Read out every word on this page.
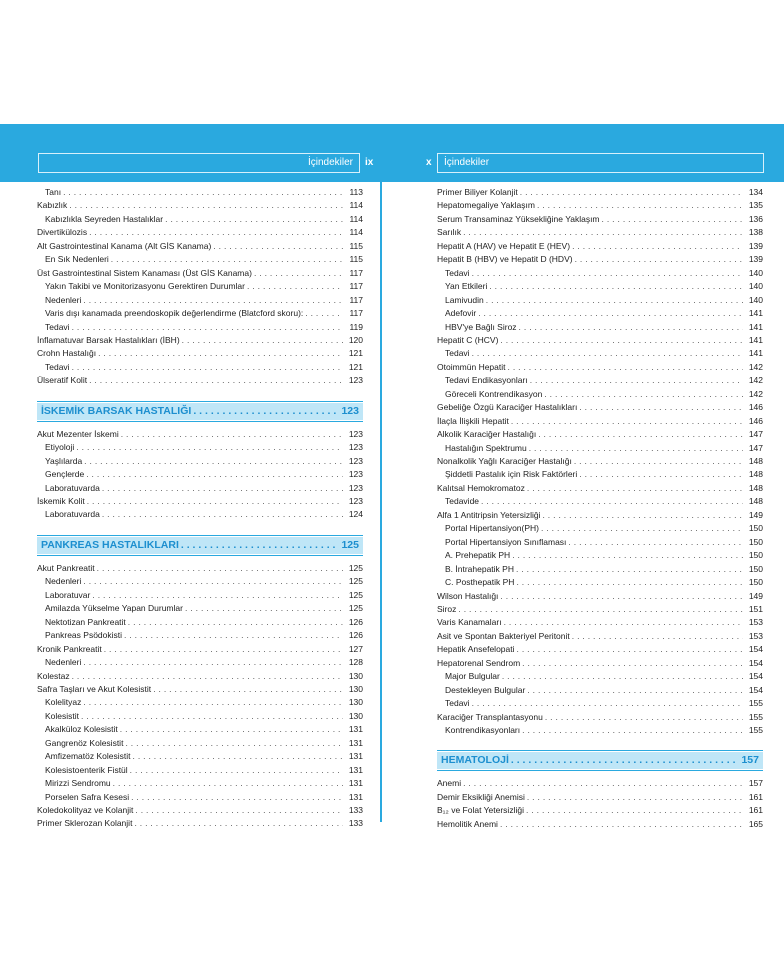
İçindekiler	ix	x	İçindekiler
Tanı . . .	113
Kabızlık . . .	114
Kabızlıkla Seyreden Hastalıklar . . .	114
Divertikülozis . . .	114
Alt Gastrointestinal Kanama (Alt GİS Kanama) . . .	115
En Sık Nedenleri . . .	115
Üst Gastrointestinal Sistem Kanaması (Üst GİS Kanama) . . .	117
Yakın Takibi ve Monitorizasyonu Gerektiren Durumlar . . .	117
Nedenleri . . .	117
Varis dışı kanamada preendoskopik değerlendirme (Blatcford skoru): . . .	117
Tedavi . . .	119
İnflamatuvar Barsak Hastalıkları (İBH) . . .	120
Crohn Hastalığı . . .	121
Tedavi . . .	121
Ülseratif Kolit . . .	123
İSKEMİK BARSAK HASTALIĞI . . .	123
Akut Mezenter İskemi . . .	123
Etiyoloji . . .	123
Yaşlılarda . . .	123
Gençlerde . . .	123
Laboratuvarda . . .	123
İskemik Kolit . . .	123
Laboratuvarda . . .	124
PANKREAS HASTALIKLARI . . .	125
Akut Pankreatit . . .	125
Nedenleri . . .	125
Laboratuvar . . .	125
Amilazda Yükselme Yapan Durumlar . . .	125
Nektotizan Pankreatit . . .	126
Pankreas Psödokisti . . .	126
Kronik Pankreatit . . .	127
Nedenleri . . .	128
Kolestaz . . .	130
Safra Taşları ve Akut Kolesistit . . .	130
Kolelityaz . . .	130
Kolesistit . . .	130
Akalküloz Kolesistit . . .	131
Gangrenöz Kolesistit . . .	131
Amfizematöz Kolesistit . . .	131
Kolesistoenterik Fistül . . .	131
Mirizzi Sendromu . . .	131
Porselen Safra Kesesi . . .	131
Koledokolityaz ve Kolanjit . . .	133
Primer Sklerozan Kolanjit . . .	133
Primer Biliyer Kolanjit . . .	134
Hepatomegaliye Yaklaşım . . .	135
Serum Transaminaz Yüksekliğine Yaklaşım . . .	136
Sarılık . . .	138
Hepatit A (HAV) ve Hepatit E (HEV) . . .	139
Hepatit B (HBV) ve Hepatit D (HDV) . . .	139
Tedavi . . .	140
Yan Etkileri . . .	140
Lamivudin . . .	140
Adefovir . . .	141
HBV'ye Bağlı Siroz . . .	141
Hepatit C (HCV) . . .	141
Tedavi . . .	141
Otoimmün Hepatit . . .	142
Tedavi Endikasyonları . . .	142
Göreceli Kontrendikasyon . . .	142
Gebeliğe Özgü Karaciğer Hastalıkları . . .	146
İlaçla İlişkili Hepatit . . .	146
Alkolik Karaciğer Hastalığı . . .	147
Hastalığın Spektrumu . . .	147
Nonalkolik Yağlı Karaciğer Hastalığı . . .	148
Şiddetli Pastalık için Risk Faktörleri . . .	148
Kalıtsal Hemokromatoz . . .	148
Tedavide . . .	148
Alfa 1 Antitripsin Yetersizliği . . .	149
Portal Hipertansiyon(PH) . . .	150
Portal Hipertansiyon Sınıflaması . . .	150
A. Prehepatik PH . . .	150
B. İntrahepatik PH . . .	150
C. Posthepatik PH . . .	150
Wilson Hastalığı . . .	149
Siroz . . .	151
Varis Kanamaları . . .	153
Asit ve Spontan Bakteriyel Peritonit . . .	153
Hepatik Ansefelopati . . .	154
Hepatorenal Sendrom . . .	154
Major Bulgular . . .	154
Destekleyen Bulgular . . .	154
Tedavi . . .	155
Karaciğer Transplantasyonu . . .	155
Kontrendikasyonları . . .	155
HEMATOLOJİ . . .	157
Anemi . . .	157
Demir Eksikliği Anemisi . . .	161
B₁₂ ve Folat Yetersizliği . . .	161
Hemolitik Anemi . . .	165
